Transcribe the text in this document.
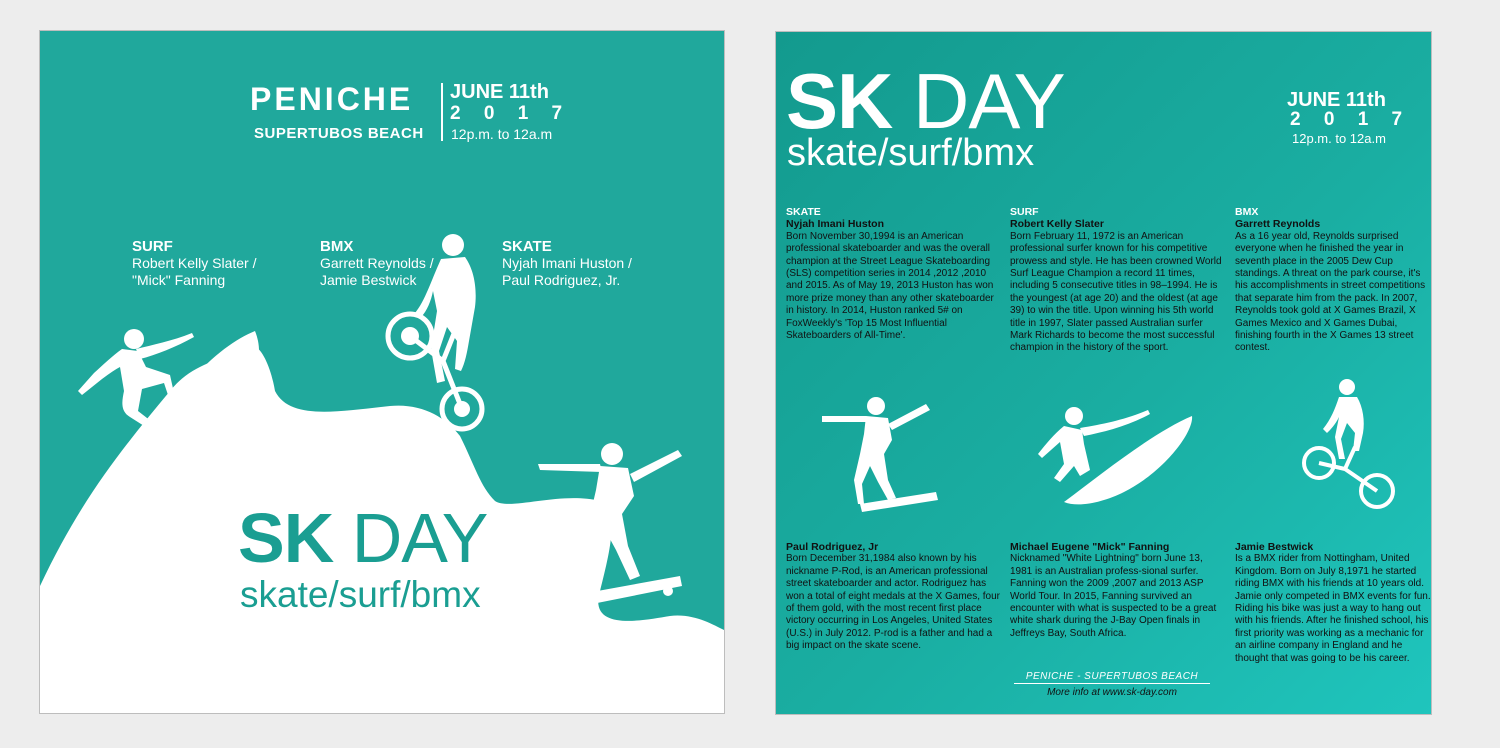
PENICHE
SUPERTUBOS BEACH
JUNE 11th
2 0 1 7
12p.m. to 12a.m
SURF
Robert Kelly Slater /
"Mick" Fanning
BMX
Garrett Reynolds /
Jamie Bestwick
SKATE
Nyjah Imani Huston /
Paul Rodriguez, Jr.
SK DAY
skate/surf/bmx
SK DAY
skate/surf/bmx
JUNE 11th
2 0 1 7
12p.m. to 12a.m
SKATE
Nyjah Imani Huston
Born November 30,1994 is an American professional skateboarder and was the overall champion at the Street League Skateboarding (SLS) competition series in 2014 ,2012 ,2010 and 2015. As of May 19, 2013 Huston has won more prize money than any other skateboarder in history. In 2014, Huston ranked 5# on FoxWeekly's 'Top 15 Most Influential Skateboarders of All-Time'.
SURF
Robert Kelly Slater
Born February 11, 1972 is an American professional surfer known for his competitive prowess and style. He has been crowned World Surf League Champion a record 11 times, including 5 consecutive titles in 98–1994. He is the youngest (at age 20) and the oldest (at age 39) to win the title. Upon winning his 5th world title in 1997, Slater passed Australian surfer Mark Richards to become the most successful champion in the history of the sport.
BMX
Garrett Reynolds
As a 16 year old, Reynolds surprised everyone when he finished the year in seventh place in the 2005 Dew Cup standings. A threat on the park course, it's his accomplishments in street competitions that separate him from the pack. In 2007, Reynolds took gold at X Games Brazil, X Games Mexico and X Games Dubai, finishing fourth in the X Games 13 street contest.
Paul Rodriguez, Jr
Born December 31,1984 also known by his nickname P-Rod, is an American professional street skateboarder and actor. Rodriguez has won a total of eight medals at the X Games, four of them gold, with the most recent first place victory occurring in Los Angeles, United States (U.S.) in July 2012. P-rod is a father and had a big impact on the skate scene.
Michael Eugene "Mick" Fanning
Nicknamed "White Lightning" born June 13, 1981 is an Australian profess-sional surfer. Fanning won the 2009 ,2007 and 2013 ASP World Tour. In 2015, Fanning survived an encounter with what is suspected to be a great white shark during the J-Bay Open finals in Jeffreys Bay, South Africa.
Jamie Bestwick
Is a BMX rider from Nottingham, United Kingdom. Born on July 8,1971 he started riding BMX with his friends at 10 years old. Jamie only competed in BMX events for fun. Riding his bike was just a way to hang out with his friends. After he finished school, his first priority was working as a mechanic for an airline company in England and he thought that was going to be his career.
PENICHE - SUPERTUBOS BEACH
More info at www.sk-day.com
